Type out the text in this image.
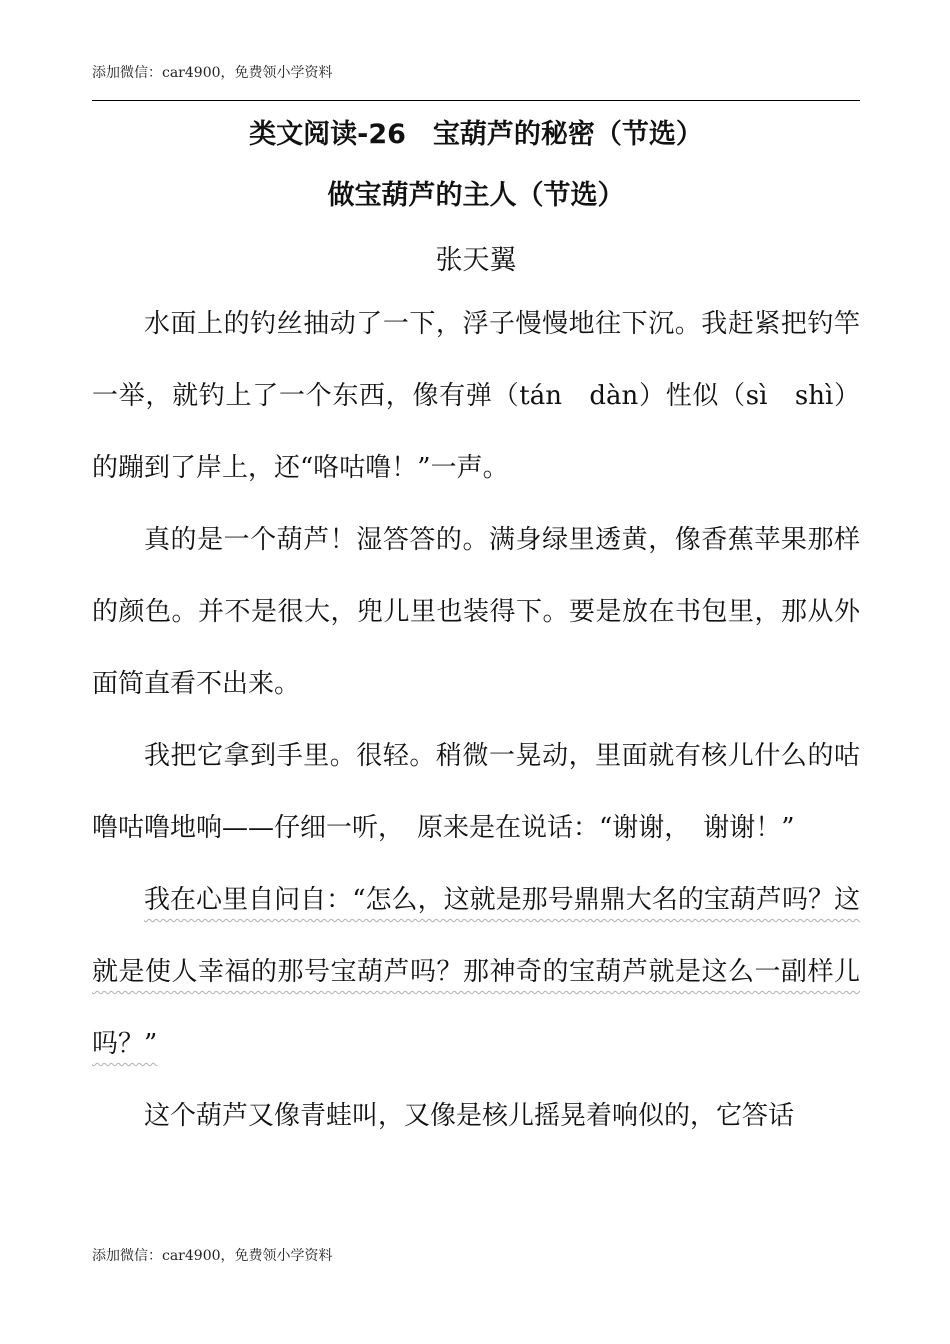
添加微信：car4900，免费领小学资料
类文阅读-26　宝葫芦的秘密（节选）
做宝葫芦的主人（节选）
张天翼

水面上的钓丝抽动了一下，浮子慢慢地往下沉。我赶紧把钓竿一举，就钓上了一个东西，像有弹（tán　dàn）性似（sì　shì）的蹦到了岸上，还“咯咕噜！”一声。

真的是一个葫芦！湿答答的。满身绿里透黄，像香蕉苹果那样的颜色。并不是很大，兜儿里也装得下。要是放在书包里，那从外面简直看不出来。

我把它拿到手里。很轻。稍微一晃动，里面就有核儿什么的咕噜咕噜地响——仔细一听，　原来是在说话：“谢谢，　谢谢！”

我在心里自问自：“怎么，这就是那号鼎鼎大名的宝葫芦吗？这就是使人幸福的那号宝葫芦吗？那神奇的宝葫芦就是这么一副样儿吗？”

这个葫芦又像青蛙叫，又像是核儿摇晃着响似的，它答话

添加微信：car4900，免费领小学资料
